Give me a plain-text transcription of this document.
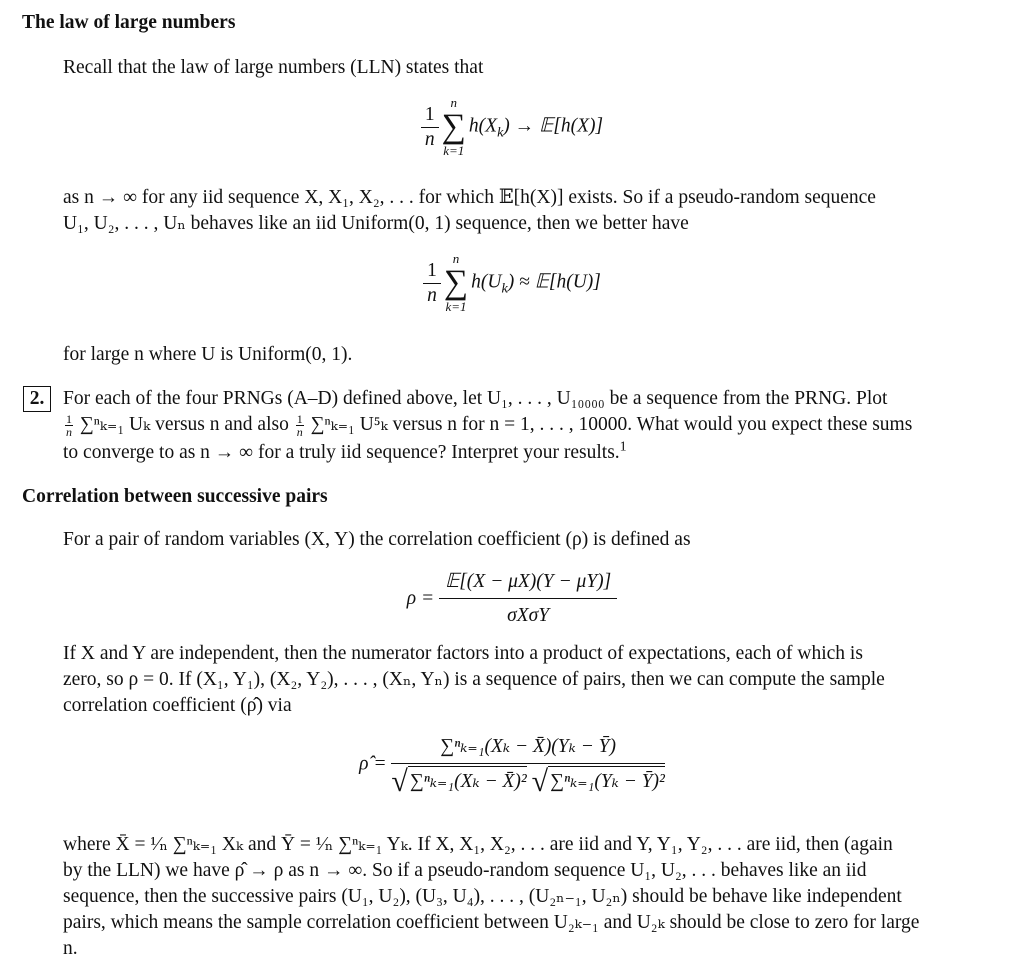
The law of large numbers
Recall that the law of large numbers (LLN) states that
$\frac{1}{n}$ n
∑
k=1
$h(X_k)$ → 𝔼[h(X)]
as n → ∞ for any iid sequence X, X₁, X₂, . . . for which 𝔼[h(X)] exists. So if a pseudo-random sequence
U₁, U₂, . . . , Uₙ behaves like an iid Uniform(0, 1) sequence, then we better have
$\frac{1}{n}$ n
∑
k=1
$h(U_k)$ ≈ 𝔼[h(U)]
for large n where U is Uniform(0, 1).
2. For each of the four PRNGs (A–D) defined above, let U₁, . . . , U₁₀₀₀₀ be a sequence from the PRNG. Plot
$\frac{1}{n} \sum^n_{k=1}$ Uₖ versus n and also $\frac{1}{n} \sum^n_{k=1}$ U⁵ₖ versus n for n = 1, . . . , 10000. What would you expect these sums
to converge to as n → ∞ for a truly iid sequence? Interpret your results.$^1$
Correlation between successive pairs
For a pair of random variables (X, Y) the correlation coefficient (ρ) is defined as
$\rho = \frac{\text{𝔼[(X − μX)(Y − μY)]}}{\text{σXσY}}$
If X and Y are independent, then the numerator factors into a product of expectations, each of which is
zero, so ρ = 0. If (X₁, Y₁), (X₂, Y₂), . . . , (Xₙ, Yₙ) is a sequence of pairs, then we can compute the sample
correlation coefficient (ρ̂) via
ρ̂ = $\frac{\text{∑ⁿₖ₌₁(Xₖ − X̄)(Yₖ − Ȳ)}}{\text{√ ∑ⁿₖ₌₁(Xₖ − X̄)² √ ∑ⁿₖ₌₁(Yₖ − Ȳ)²}}$
where X̄ = ¹⁄ₙ ∑ⁿₖ₌₁ Xₖ and Ȳ = ¹⁄ₙ ∑ⁿₖ₌₁ Yₖ. If X, X₁, X₂, . . . are iid and Y, Y₁, Y₂, . . . are iid, then (again
by the LLN) we have ρ̂ → ρ as n → ∞. So if a pseudo-random sequence U₁, U₂, . . . behaves like an iid
sequence, then the successive pairs (U₁, U₂), (U₃, U₄), . . . , (U₂ₙ₋₁, U₂ₙ) should be behave like independent
pairs, which means the sample correlation coefficient between U₂ₖ₋₁ and U₂ₖ should be close to zero for large
n.
